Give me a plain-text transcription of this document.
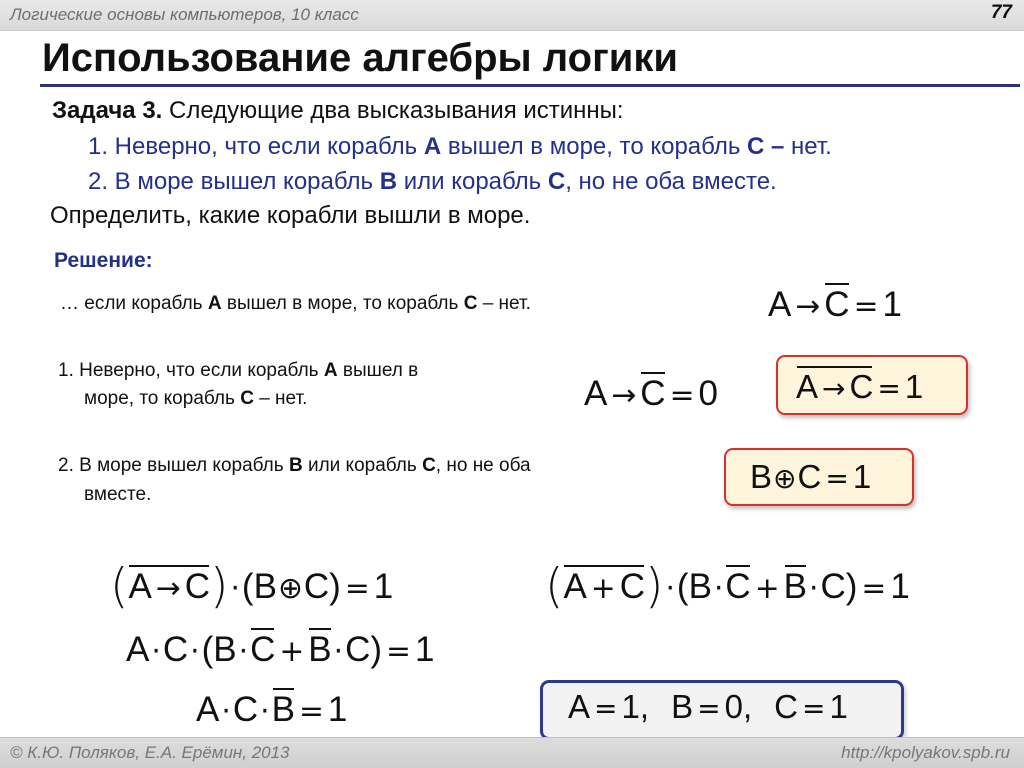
Логические основы компьютеров, 10 класс	77
Использование алгебры логики
Задача 3. Следующие два высказывания истинны:
1. Неверно, что если корабль A вышел в море, то корабль C – нет.
2. В море вышел корабль B или корабль C, но не оба вместе.
Определить, какие корабли вышли в море.
Решение:
… если корабль A вышел в море, то корабль C – нет.
1. Неверно, что если корабль A вышел в
море, то корабль C – нет.
2. В море вышел корабль B или корабль C, но не оба
вместе.
A → C = 1
A → C = 0 A → C = 1
B⊕C = 1
(A → C)·(B⊕C) = 1	(A + C)·(B·C + B·C) = 1
A·C·(B·C + B·C) = 1
A·C·B = 1	A = 1, B = 0, C = 1
© К.Ю. Поляков, Е.А. Ерёмин, 2013	http://kpolyakov.spb.ru
